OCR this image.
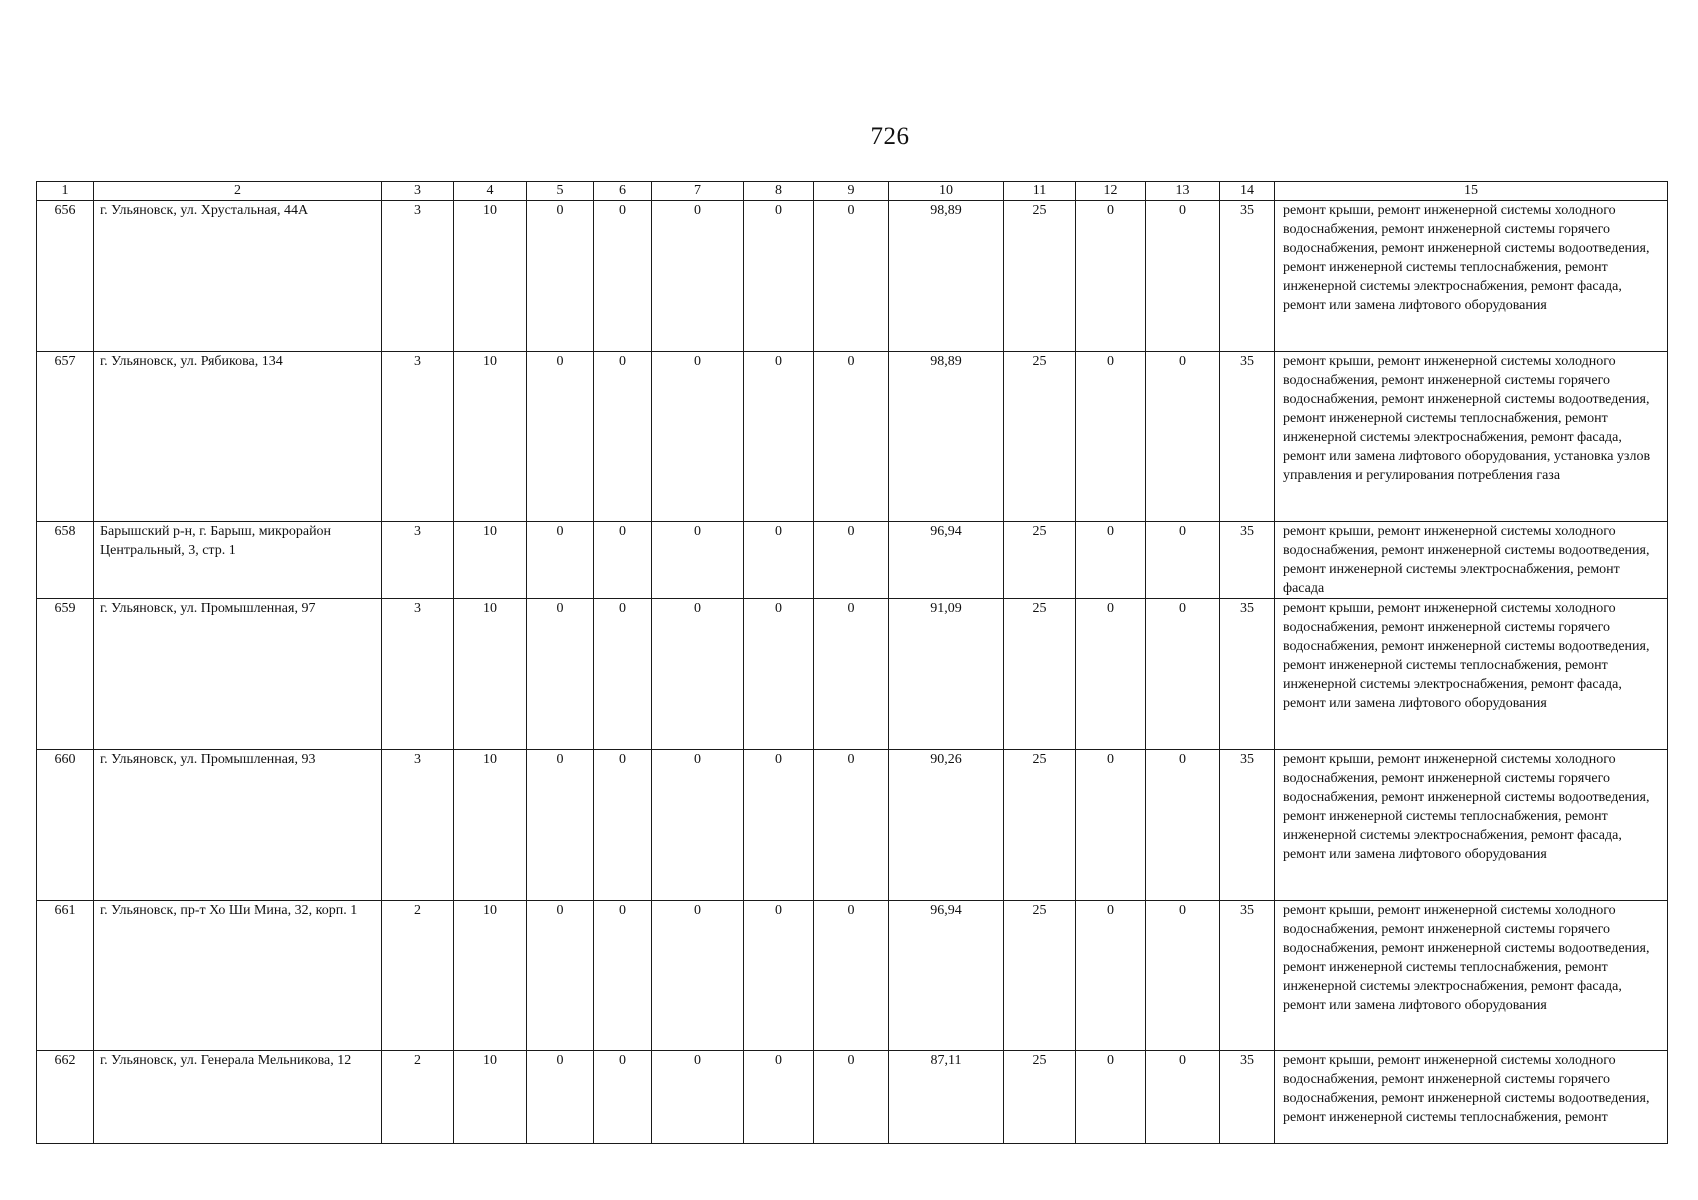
726
1	2	3	4	5	6	7	8	9	10	11	12	13	14	15
656	г. Ульяновск, ул. Хрустальная, 44А	3	10	0	0	0	0	0	98,89	25	0	0	35	ремонт крыши, ремонт инженерной системы холодного водоснабжения, ремонт инженерной системы горячего водоснабжения, ремонт инженерной системы водоотведения, ремонт инженерной системы теплоснабжения, ремонт инженерной системы электроснабжения, ремонт фасада, ремонт или замена лифтового оборудования
657	г. Ульяновск, ул. Рябикова, 134	3	10	0	0	0	0	0	98,89	25	0	0	35	ремонт крыши, ремонт инженерной системы холодного водоснабжения, ремонт инженерной системы горячего водоснабжения, ремонт инженерной системы водоотведения, ремонт инженерной системы теплоснабжения, ремонт инженерной системы электроснабжения, ремонт фасада, ремонт или замена лифтового оборудования, установка узлов управления и регулирования потребления газа
658	Барышский р-н, г. Барыш, микрорайон Центральный, 3, стр. 1	3	10	0	0	0	0	0	96,94	25	0	0	35	ремонт крыши, ремонт инженерной системы холодного водоснабжения, ремонт инженерной системы водоотведения, ремонт инженерной системы электроснабжения, ремонт фасада
659	г. Ульяновск, ул. Промышленная, 97	3	10	0	0	0	0	0	91,09	25	0	0	35	ремонт крыши, ремонт инженерной системы холодного водоснабжения, ремонт инженерной системы горячего водоснабжения, ремонт инженерной системы водоотведения, ремонт инженерной системы теплоснабжения, ремонт инженерной системы электроснабжения, ремонт фасада, ремонт или замена лифтового оборудования
660	г. Ульяновск, ул. Промышленная, 93	3	10	0	0	0	0	0	90,26	25	0	0	35	ремонт крыши, ремонт инженерной системы холодного водоснабжения, ремонт инженерной системы горячего водоснабжения, ремонт инженерной системы водоотведения, ремонт инженерной системы теплоснабжения, ремонт инженерной системы электроснабжения, ремонт фасада, ремонт или замена лифтового оборудования
661	г. Ульяновск, пр-т Хо Ши Мина, 32, корп. 1	2	10	0	0	0	0	0	96,94	25	0	0	35	ремонт крыши, ремонт инженерной системы холодного водоснабжения, ремонт инженерной системы горячего водоснабжения, ремонт инженерной системы водоотведения, ремонт инженерной системы теплоснабжения, ремонт инженерной системы электроснабжения, ремонт фасада, ремонт или замена лифтового оборудования
662	г. Ульяновск, ул. Генерала Мельникова, 12	2	10	0	0	0	0	0	87,11	25	0	0	35	ремонт крыши, ремонт инженерной системы холодного водоснабжения, ремонт инженерной системы горячего водоснабжения, ремонт инженерной системы водоотведения, ремонт инженерной системы теплоснабжения, ремонт
